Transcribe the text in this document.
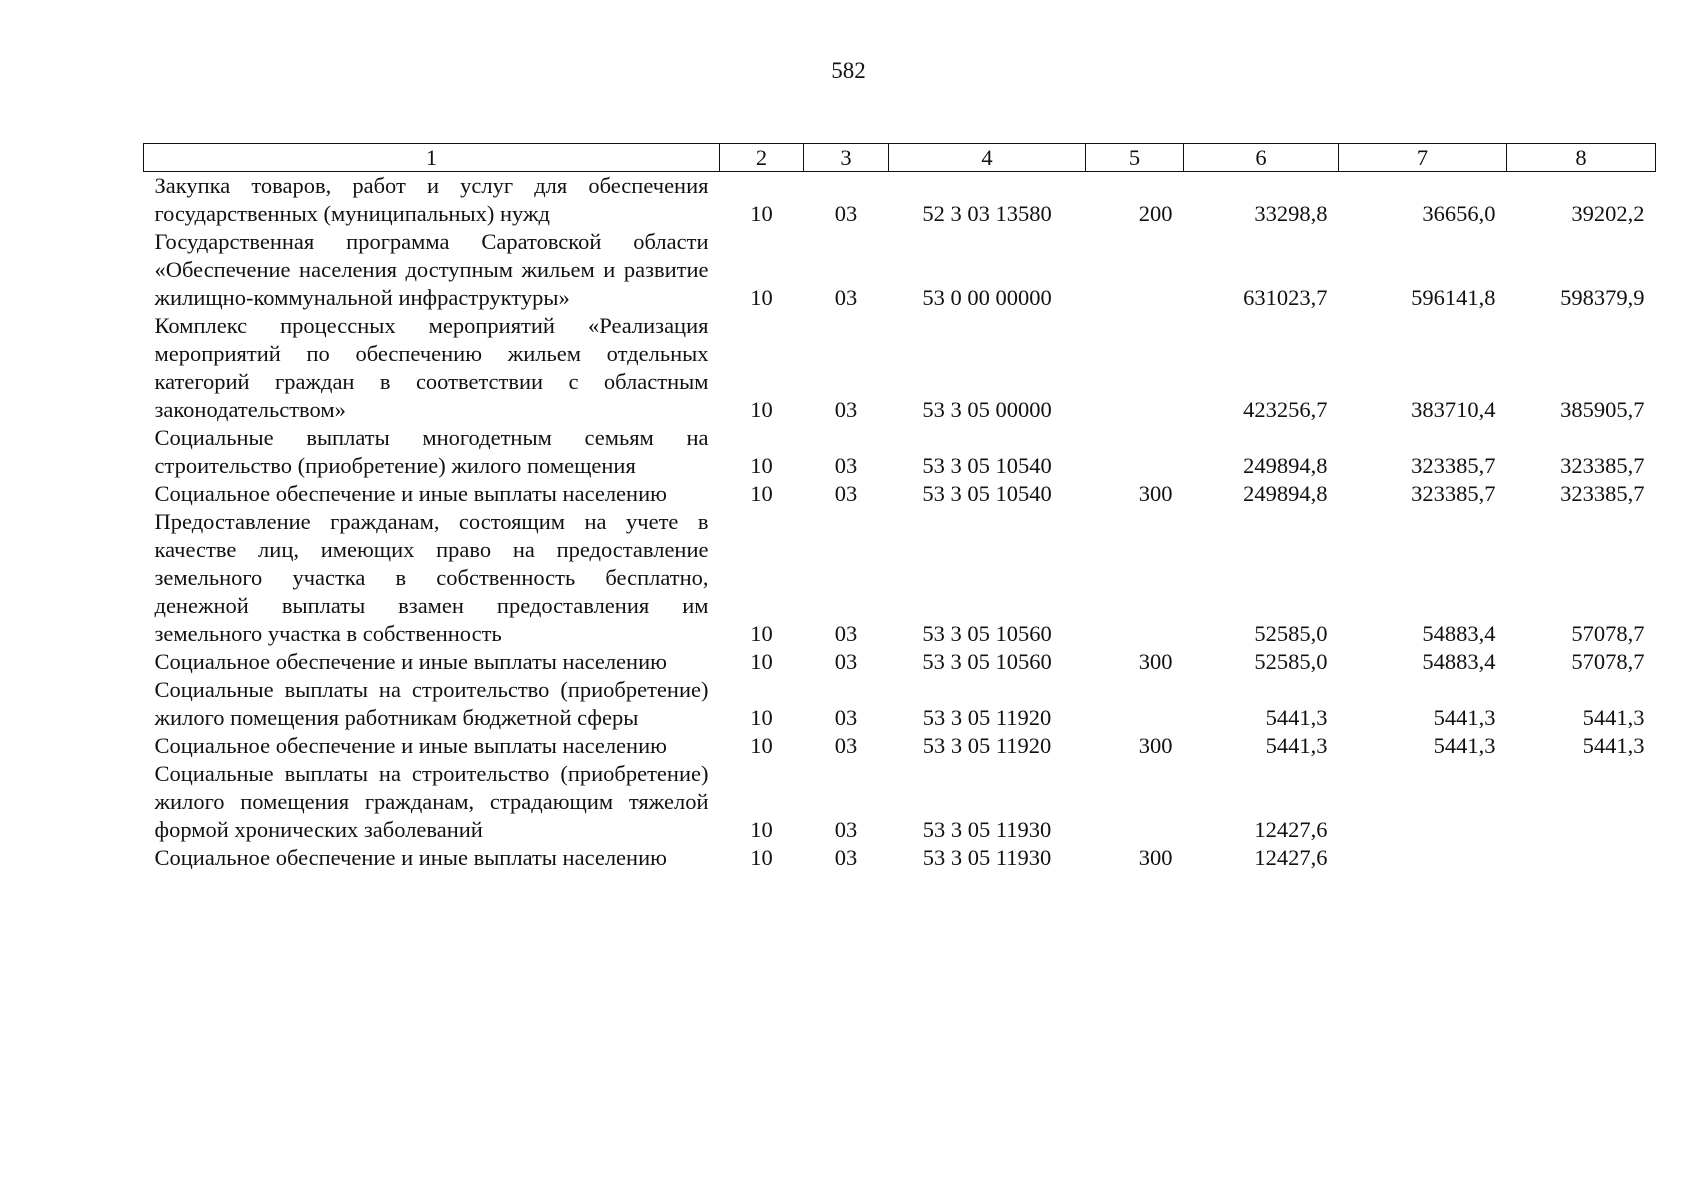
582
1	2	3	4	5	6	7	8
Закупка товаров, работ и услуг для обеспечения государственных (муниципальных) нужд	10	03	52 3 03 13580	200	33298,8	36656,0	39202,2
Государственная программа Саратовской области «Обеспечение населения доступным жильем и развитие жилищно-коммунальной инфраструктуры»	10	03	53 0 00 00000		631023,7	596141,8	598379,9
Комплекс процессных мероприятий «Реализация мероприятий по обеспечению жильем отдельных категорий граждан в соответствии с областным законодательством»	10	03	53 3 05 00000		423256,7	383710,4	385905,7
Социальные выплаты многодетным семьям на строительство (приобретение) жилого помещения	10	03	53 3 05 10540		249894,8	323385,7	323385,7
Социальное обеспечение и иные выплаты населению	10	03	53 3 05 10540	300	249894,8	323385,7	323385,7
Предоставление гражданам, состоящим на учете в качестве лиц, имеющих право на предоставление земельного участка в собственность бесплатно, денежной выплаты взамен предоставления им земельного участка в собственность	10	03	53 3 05 10560		52585,0	54883,4	57078,7
Социальное обеспечение и иные выплаты населению	10	03	53 3 05 10560	300	52585,0	54883,4	57078,7
Социальные выплаты на строительство (приобретение) жилого помещения работникам бюджетной сферы	10	03	53 3 05 11920		5441,3	5441,3	5441,3
Социальное обеспечение и иные выплаты населению	10	03	53 3 05 11920	300	5441,3	5441,3	5441,3
Социальные выплаты на строительство (приобретение) жилого помещения гражданам, страдающим тяжелой формой хронических заболеваний	10	03	53 3 05 11930		12427,6		
Социальное обеспечение и иные выплаты населению	10	03	53 3 05 11930	300	12427,6		
